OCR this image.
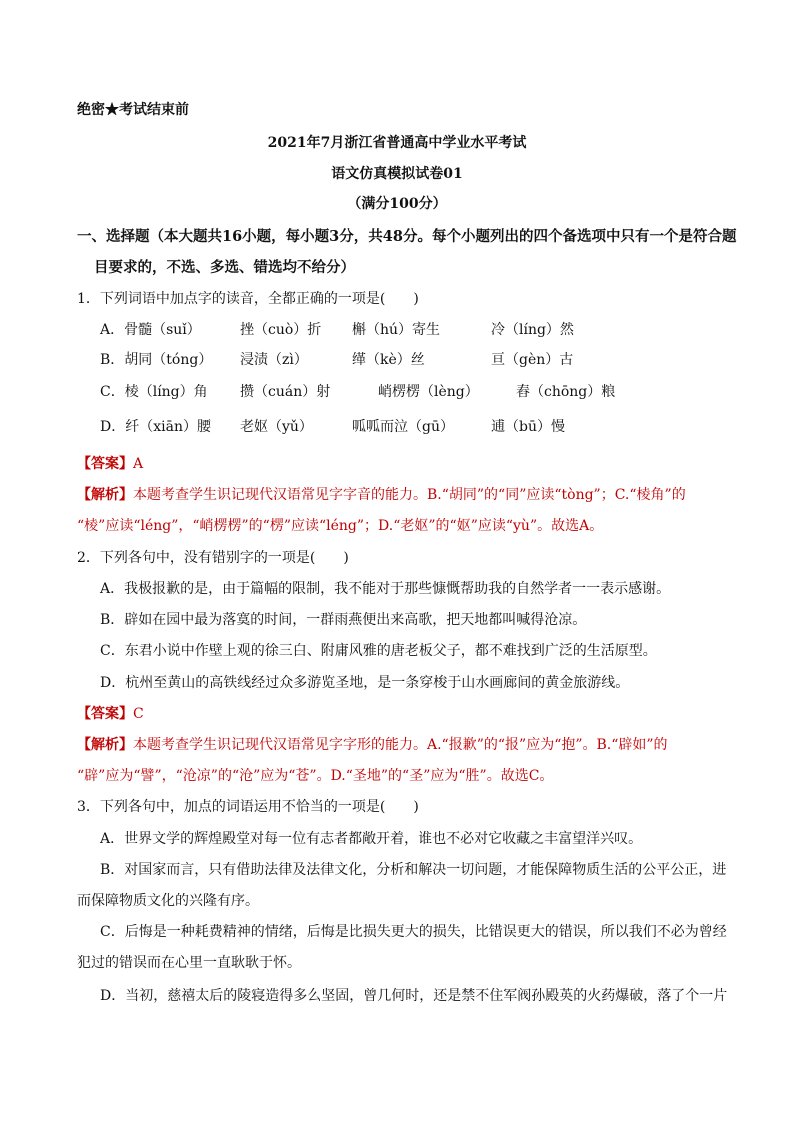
绝密★考试结束前
2021年7月浙江省普通高中学业水平考试
语文仿真模拟试卷01
（满分100分）
一、选择题（本大题共16小题，每小题3分，共48分。每个小题列出的四个备选项中只有一个是符合题
目要求的，不选、多选、错选均不给分）
1．下列词语中加点字的读音，全都正确的一项是(　　)
A．骨髓（suǐ）	挫（cuò）折 槲（hú）寄生	冷（líng）然
B．胡同（tóng） 浸渍（zì）	缂（kè）丝	亘（gèn）古
C．棱（líng）角 攒（cuán）射	峭楞楞（lèng）	舂（chōng）粮
D．纤（xiān）腰 老妪（yǔ）	呱呱而泣（gū）	逋（bū）慢
【答案】A
【解析】本题考查学生识记现代汉语常见字字音的能力。B.“胡同”的“同”应读“tòng”；C.“棱角”的
“棱”应读“léng”，“峭楞楞”的“楞”应读“léng”；D.“老妪”的“妪”应读“yù”。故选A。
2．下列各句中，没有错别字的一项是(　　)
A．我极报歉的是，由于篇幅的限制，我不能对于那些慷慨帮助我的自然学者一一表示感谢。
B．辟如在园中最为落寞的时间，一群雨燕便出来高歌，把天地都叫喊得沧凉。
C．东君小说中作壁上观的徐三白、附庸风雅的唐老板父子，都不难找到广泛的生活原型。
D．杭州至黄山的高铁线经过众多游览圣地，是一条穿梭于山水画廊间的黄金旅游线。
【答案】C
【解析】本题考查学生识记现代汉语常见字字形的能力。A.“报歉”的“报”应为“抱”。B.“辟如”的
“辟”应为“譬”，“沧凉”的“沧”应为“苍”。D.“圣地”的“圣”应为“胜”。故选C。
3．下列各句中，加点的词语运用不恰当的一项是(　　)
A．世界文学的辉煌殿堂对每一位有志者都敞开着，谁也不必对它收藏之丰富望洋兴叹。
B．对国家而言，只有借助法律及法律文化，分析和解决一切问题，才能保障物质生活的公平公正，进而保障物质文化的兴隆有序。
C．后悔是一种耗费精神的情绪，后悔是比损失更大的损失，比错误更大的错误，所以我们不必为曾经犯过的错误而在心里一直耿耿于怀。
D．当初，慈禧太后的陵寝造得多么坚固，曾几何时，还是禁不住军阀孙殿英的火药爆破，落了个一片
